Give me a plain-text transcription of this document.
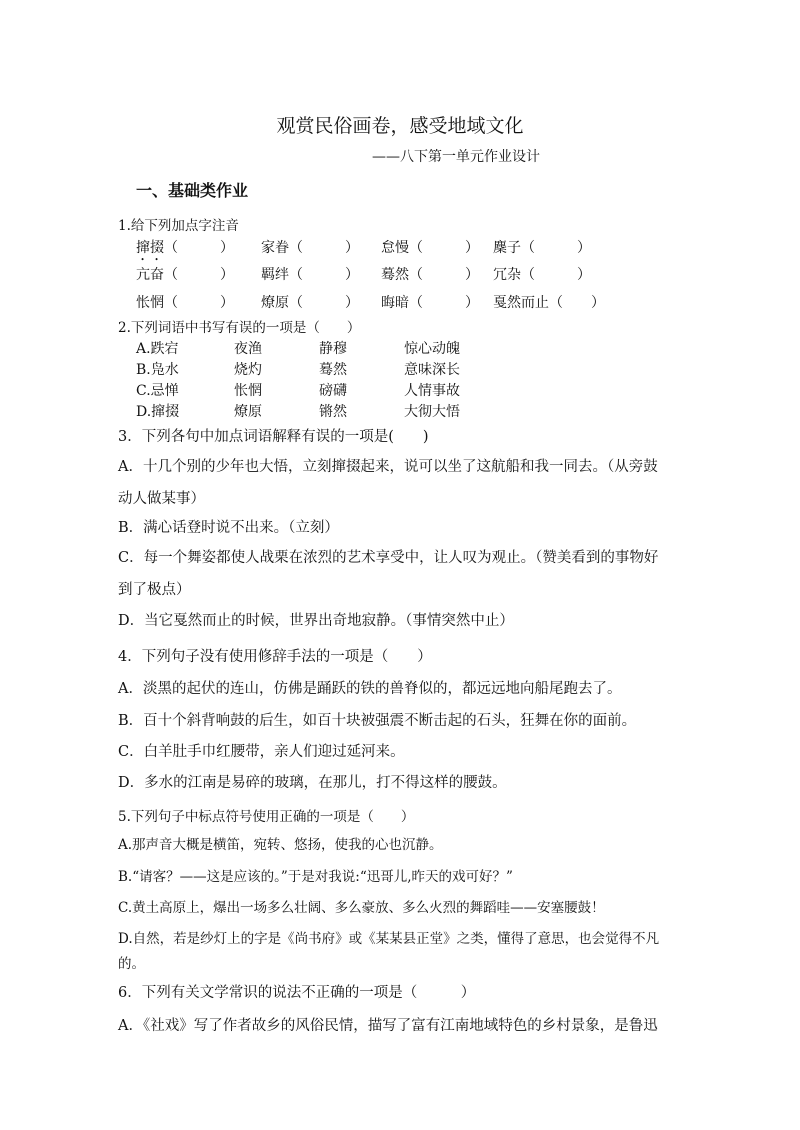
观赏民俗画卷，感受地域文化
——八下第一单元作业设计
一、基础类作业
1.给下列加点字注音
撺掇（　　　） 家眷（　　　） 怠慢（　　　） 麇子（　　　）
亢奋（　　　） 羁绊（　　　） 蓦然（　　　） 冗杂（　　　）
怅惘（　　　） 燎原（　　　） 晦暗（　　　） 戛然而止（　　）
2.下列词语中书写有误的一项是（　　）
A.跌宕	夜渔	静穆	惊心动魄
B.凫水	烧灼	蓦然	意味深长
C.忌惮	怅惘	磅礴	人情事故
D.撺掇	燎原	锵然	大彻大悟
3．下列各句中加点词语解释有误的一项是(　　)
A．十几个别的少年也大悟，立刻撺掇起来，说可以坐了这航船和我一同去。（从旁鼓
动人做某事）
B．满心话登时说不出来。（立刻）
C．每一个舞姿都使人战栗在浓烈的艺术享受中，让人叹为观止。（赞美看到的事物好
到了极点）
D．当它戛然而止的时候，世界出奇地寂静。（事情突然中止）
4．下列句子没有使用修辞手法的一项是（　　）
A．淡黑的起伏的连山，仿佛是踊跃的铁的兽脊似的，都远远地向船尾跑去了。
B．百十个斜背响鼓的后生，如百十块被强震不断击起的石头，狂舞在你的面前。
C．白羊肚手巾红腰带，亲人们迎过延河来。
D．多水的江南是易碎的玻璃，在那儿，打不得这样的腰鼓。
5.下列句子中标点符号使用正确的一项是（　　）
A.那声音大概是横笛，宛转、悠扬，使我的心也沉静。
B.“请客？——这是应该的。”于是对我说:“迅哥儿,昨天的戏可好？”
C.黄土高原上，爆出一场多么壮阔、多么豪放、多么火烈的舞蹈哇——安塞腰鼓！
D.自然，若是纱灯上的字是《尚书府》或《某某县正堂》之类，懂得了意思，也会觉得不凡
的。
6．下列有关文学常识的说法不正确的一项是（　　　）
A．《社戏》写了作者故乡的风俗民情，描写了富有江南地域特色的乡村景象，是鲁迅
